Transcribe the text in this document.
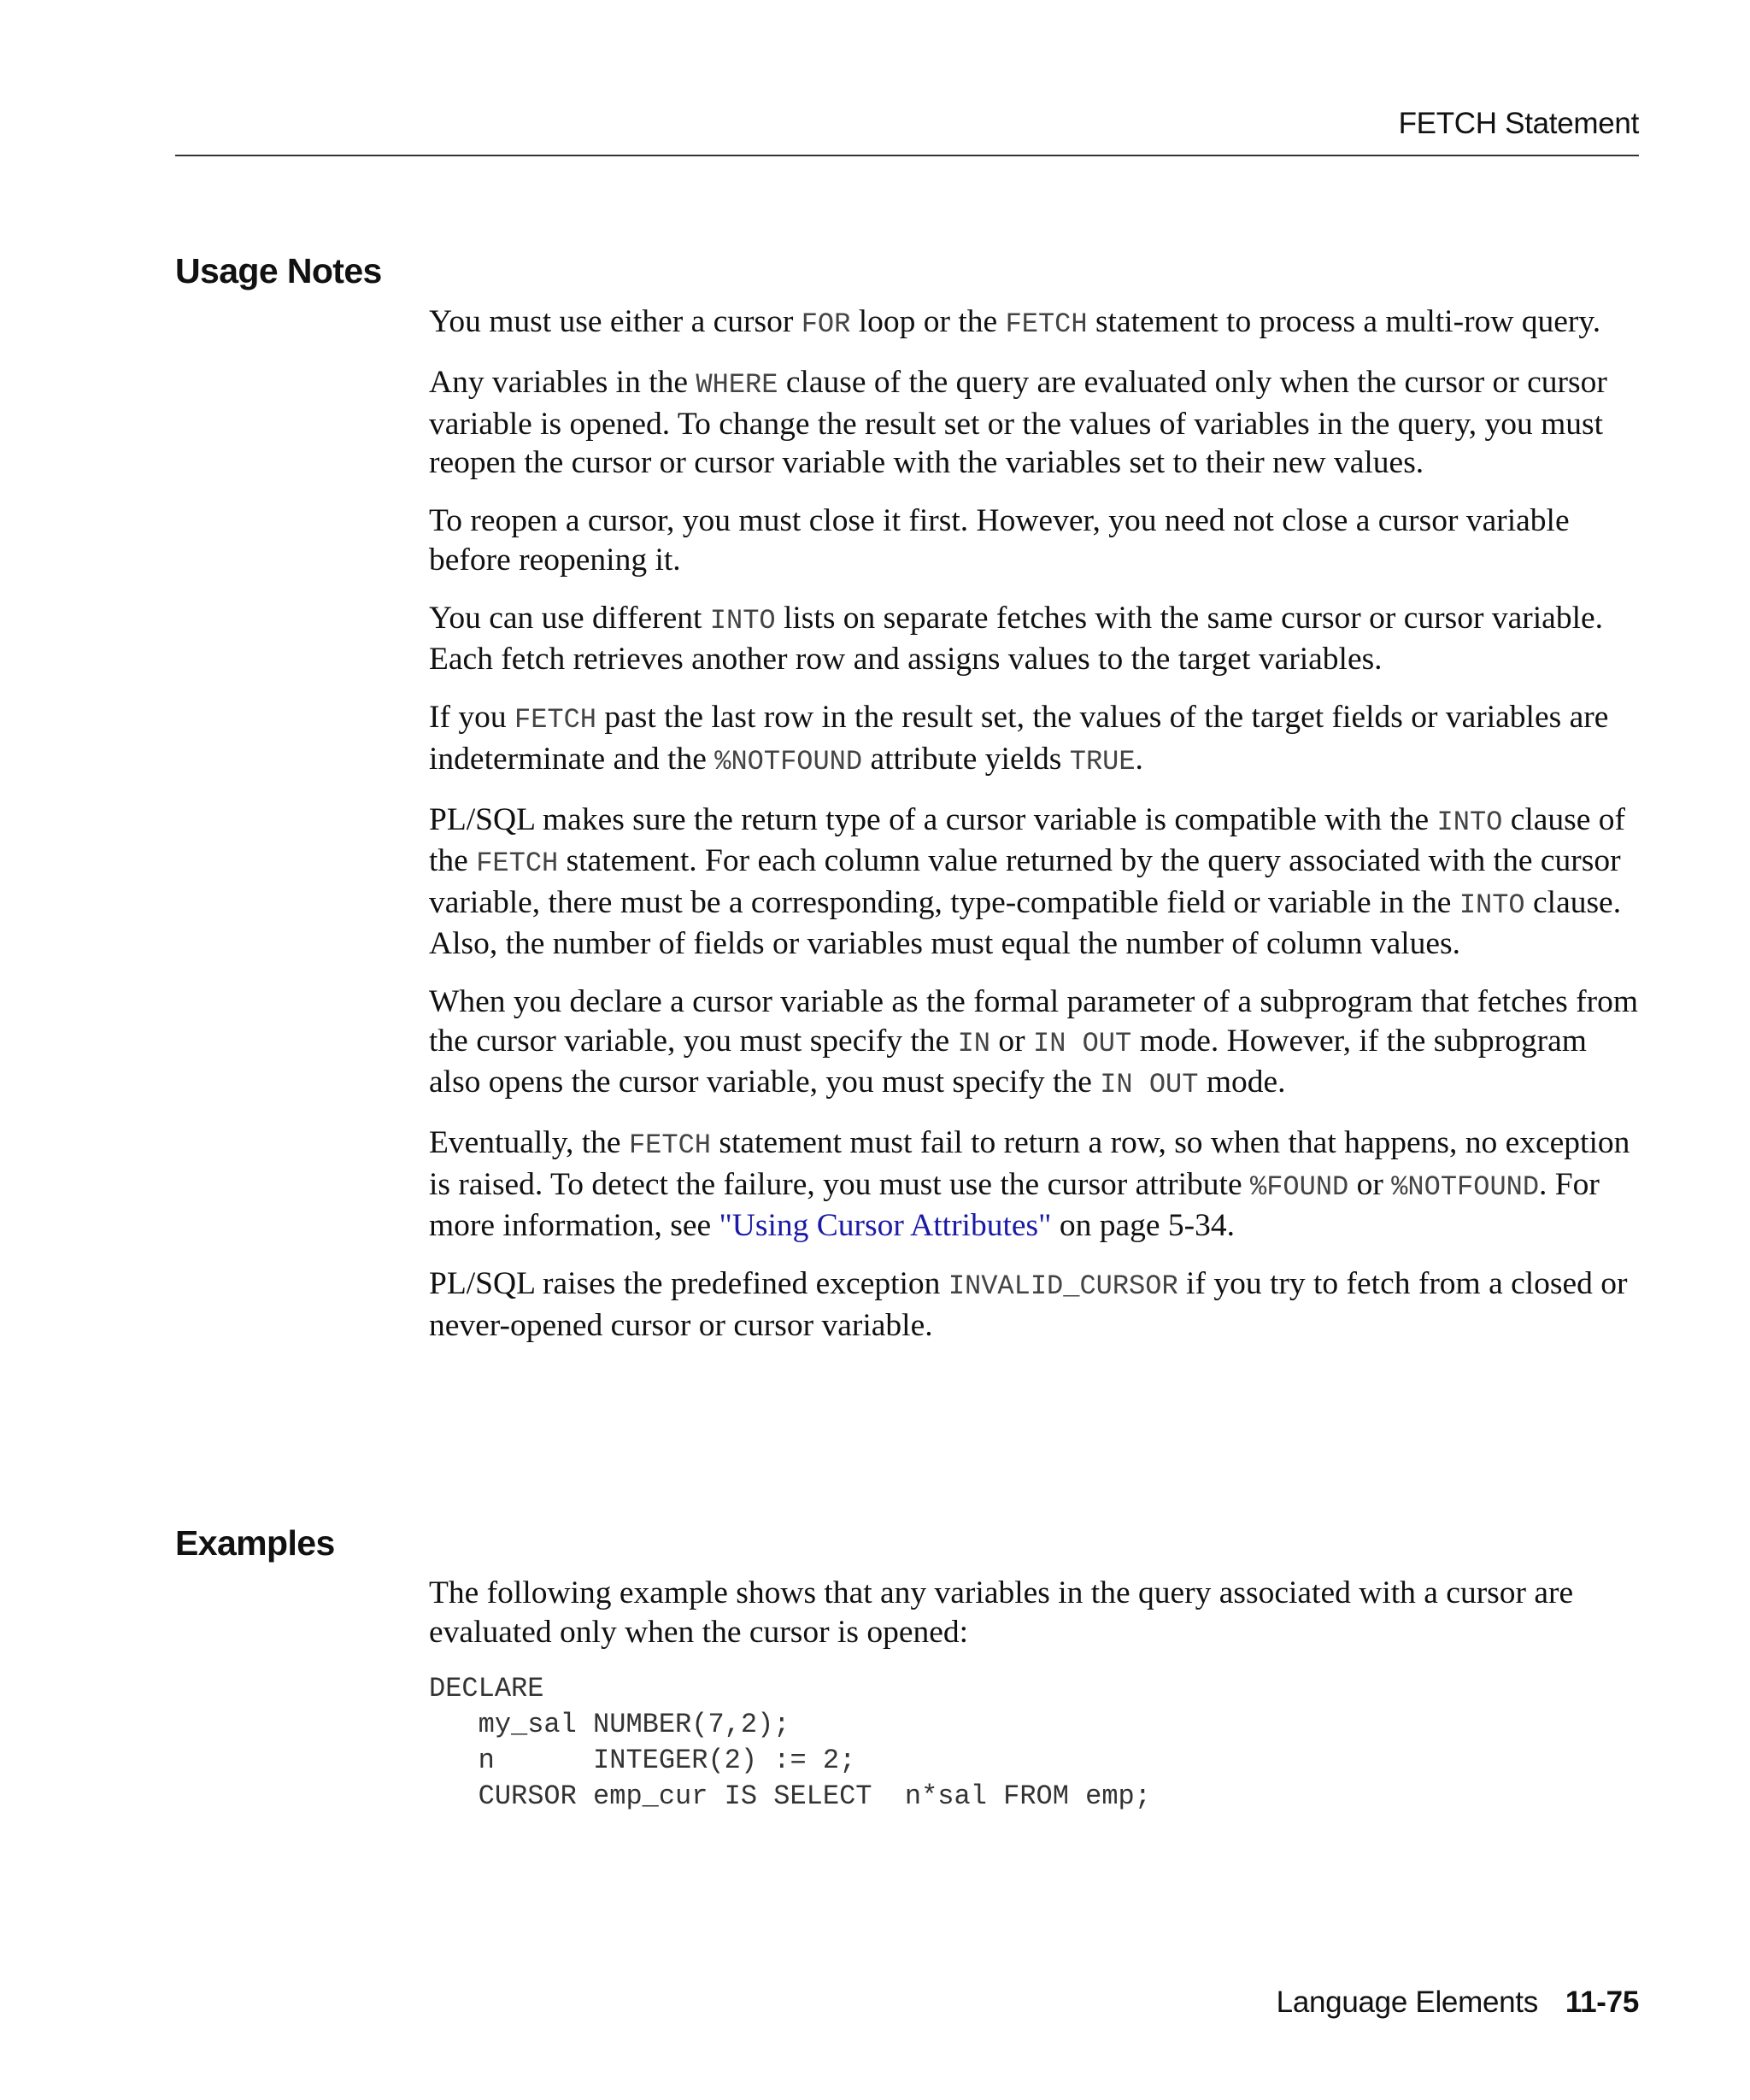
FETCH Statement
Usage Notes

You must use either a cursor FOR loop or the FETCH statement to process a multi-row query.

Any variables in the WHERE clause of the query are evaluated only when the cursor or cursor variable is opened. To change the result set or the values of variables in the query, you must reopen the cursor or cursor variable with the variables set to their new values.

To reopen a cursor, you must close it first. However, you need not close a cursor variable before reopening it.

You can use different INTO lists on separate fetches with the same cursor or cursor variable. Each fetch retrieves another row and assigns values to the target variables.

If you FETCH past the last row in the result set, the values of the target fields or variables are indeterminate and the %NOTFOUND attribute yields TRUE.

PL/SQL makes sure the return type of a cursor variable is compatible with the INTO clause of the FETCH statement. For each column value returned by the query associated with the cursor variable, there must be a corresponding, type-compatible field or variable in the INTO clause. Also, the number of fields or variables must equal the number of column values.

When you declare a cursor variable as the formal parameter of a subprogram that fetches from the cursor variable, you must specify the IN or IN OUT mode. However, if the subprogram also opens the cursor variable, you must specify the IN OUT mode.

Eventually, the FETCH statement must fail to return a row, so when that happens, no exception is raised. To detect the failure, you must use the cursor attribute %FOUND or %NOTFOUND. For more information, see "Using Cursor Attributes" on page 5-34.

PL/SQL raises the predefined exception INVALID_CURSOR if you try to fetch from a closed or never-opened cursor or cursor variable.

Examples

The following example shows that any variables in the query associated with a cursor are evaluated only when the cursor is opened:

DECLARE
my_sal NUMBER(7,2);
n      INTEGER(2) := 2;
CURSOR emp_cur IS SELECT  n*sal FROM emp;
Language Elements 11-75
